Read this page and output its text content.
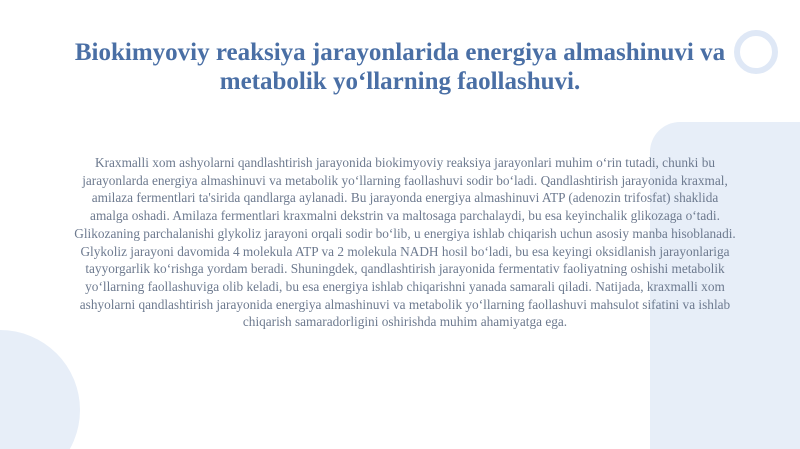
Biokimyoviy reaksiya jarayonlarida energiya almashinuvi va metabolik yo‘llarning faollashuvi.

Kraxmalli xom ashyolarni qandlashtirish jarayonida biokimyoviy reaksiya jarayonlari muhim o‘rin tutadi, chunki bu jarayonlarda energiya almashinuvi va metabolik yo‘llarning faollashuvi sodir bo‘ladi. Qandlashtirish jarayonida kraxmal, amilaza fermentlari ta'sirida qandlarga aylanadi. Bu jarayonda energiya almashinuvi ATP (adenozin trifosfat) shaklida amalga oshadi. Amilaza fermentlari kraxmalni dekstrin va maltosaga parchalaydi, bu esa keyinchalik glikozaga o‘tadi. Glikozaning parchalanishi glykoliz jarayoni orqali sodir bo‘lib, u energiya ishlab chiqarish uchun asosiy manba hisoblanadi. Glykoliz jarayoni davomida 4 molekula ATP va 2 molekula NADH hosil bo‘ladi, bu esa keyingi oksidlanish jarayonlariga tayyorgarlik ko‘rishga yordam beradi. Shuningdek, qandlashtirish jarayonida fermentativ faoliyatning oshishi metabolik yo‘llarning faollashuviga olib keladi, bu esa energiya ishlab chiqarishni yanada samarali qiladi. Natijada, kraxmalli xom ashyolarni qandlashtirish jarayonida energiya almashinuvi va metabolik yo‘llarning faollashuvi mahsulot sifatini va ishlab chiqarish samaradorligini oshirishda muhim ahamiyatga ega.
